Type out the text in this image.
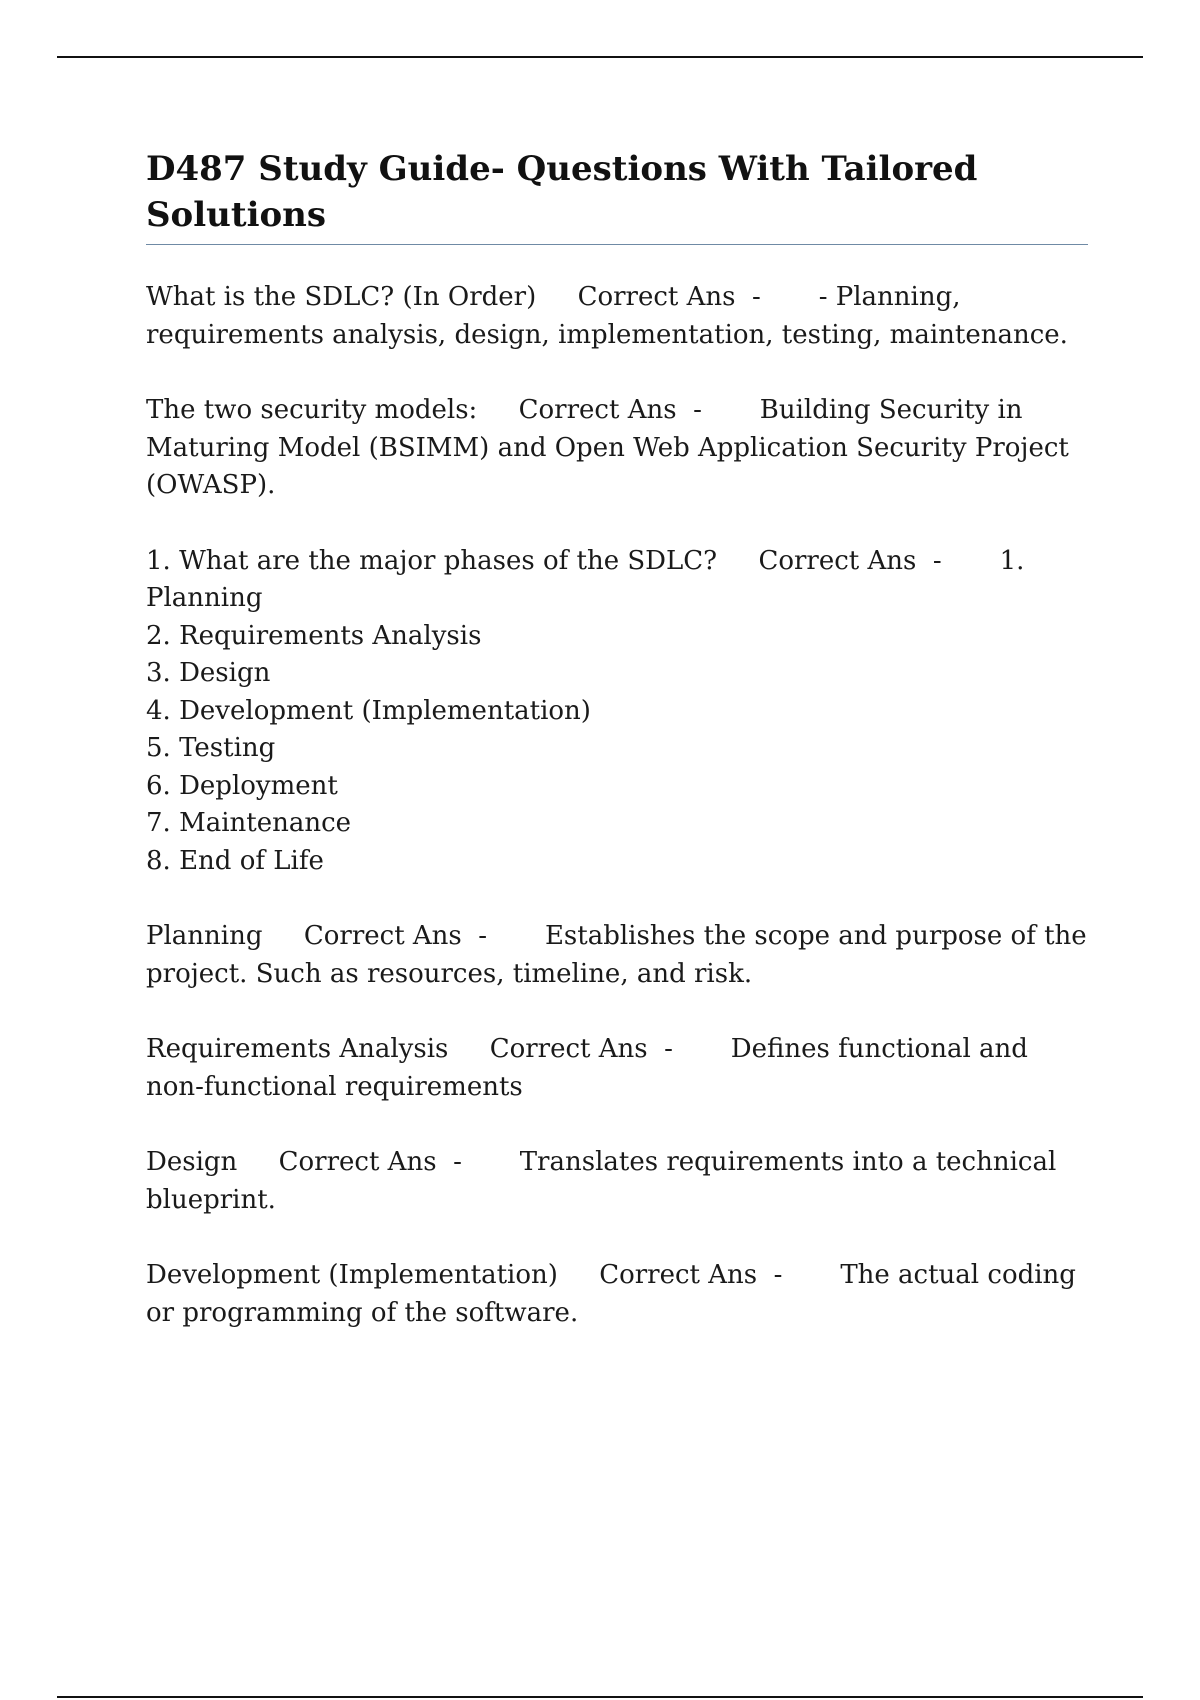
D487 Study Guide- Questions With Tailored Solutions

What is the SDLC? (In Order) Correct Ans  -       - Planning, requirements analysis, design, implementation, testing, maintenance.

The two security models: Correct Ans  -       Building Security in Maturing Model (BSIMM) and Open Web Application Security Project (OWASP).

1. What are the major phases of the SDLC? Correct Ans  -       1. Planning
2. Requirements Analysis
3. Design
4. Development (Implementation)
5. Testing
6. Deployment
7. Maintenance
8. End of Life

Planning Correct Ans  -       Establishes the scope and purpose of the project. Such as resources, timeline, and risk.

Requirements Analysis Correct Ans  -       Defines functional and non-functional requirements

Design Correct Ans  -       Translates requirements into a technical blueprint.

Development (Implementation) Correct Ans  -       The actual coding or programming of the software.
